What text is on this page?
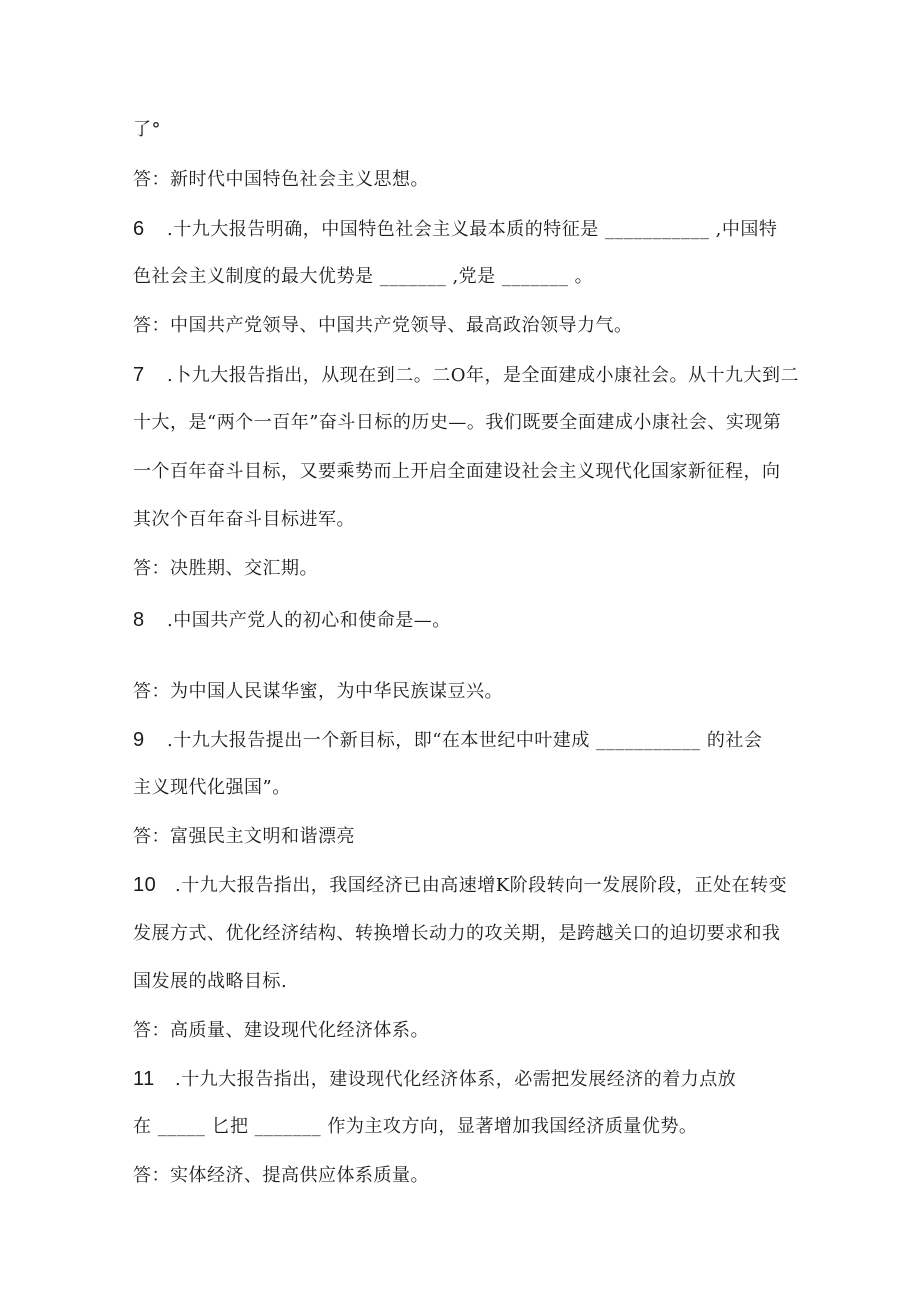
了°
答：新时代中国特色社会主义思想。
6 .十九大报告明确，中国特色社会主义最本质的特征是 ___________ ,中国特
色社会主义制度的最大优势是 _______ ,党是 _______ 。
答：中国共产党领导、中国共产党领导、最高政治领导力气。
7 .卜九大报告指出，从现在到二。二O年，是全面建成小康社会。从十九大到二
十大，是“两个一百年”奋斗日标的历史—。我们既要全面建成小康社会、实现第
一个百年奋斗目标，又要乘势而上开启全面建设社会主义现代化国家新征程，向
其次个百年奋斗目标进军。
答：决胜期、交汇期。
8 .中国共产党人的初心和使命是—。
答：为中国人民谋华蜜，为中华民族谋豆兴。
9 .十九大报告提出一个新目标，即“在本世纪中叶建成 ___________ 的社会
主义现代化强国”。
答：富强民主文明和谐漂亮
10 .十九大报告指出，我国经济已由高速增K阶段转向一发展阶段，正处在转变
发展方式、优化经济结构、转换增长动力的攻关期，是跨越关口的迫切要求和我
国发展的战略目标.
答：高质量、建设现代化经济体系。
11 .十九大报告指出，建设现代化经济体系，必需把发展经济的着力点放
在 _____ 匕把 _______ 作为主攻方向，显著增加我国经济质量优势。
答：实体经济、提高供应体系质量。
